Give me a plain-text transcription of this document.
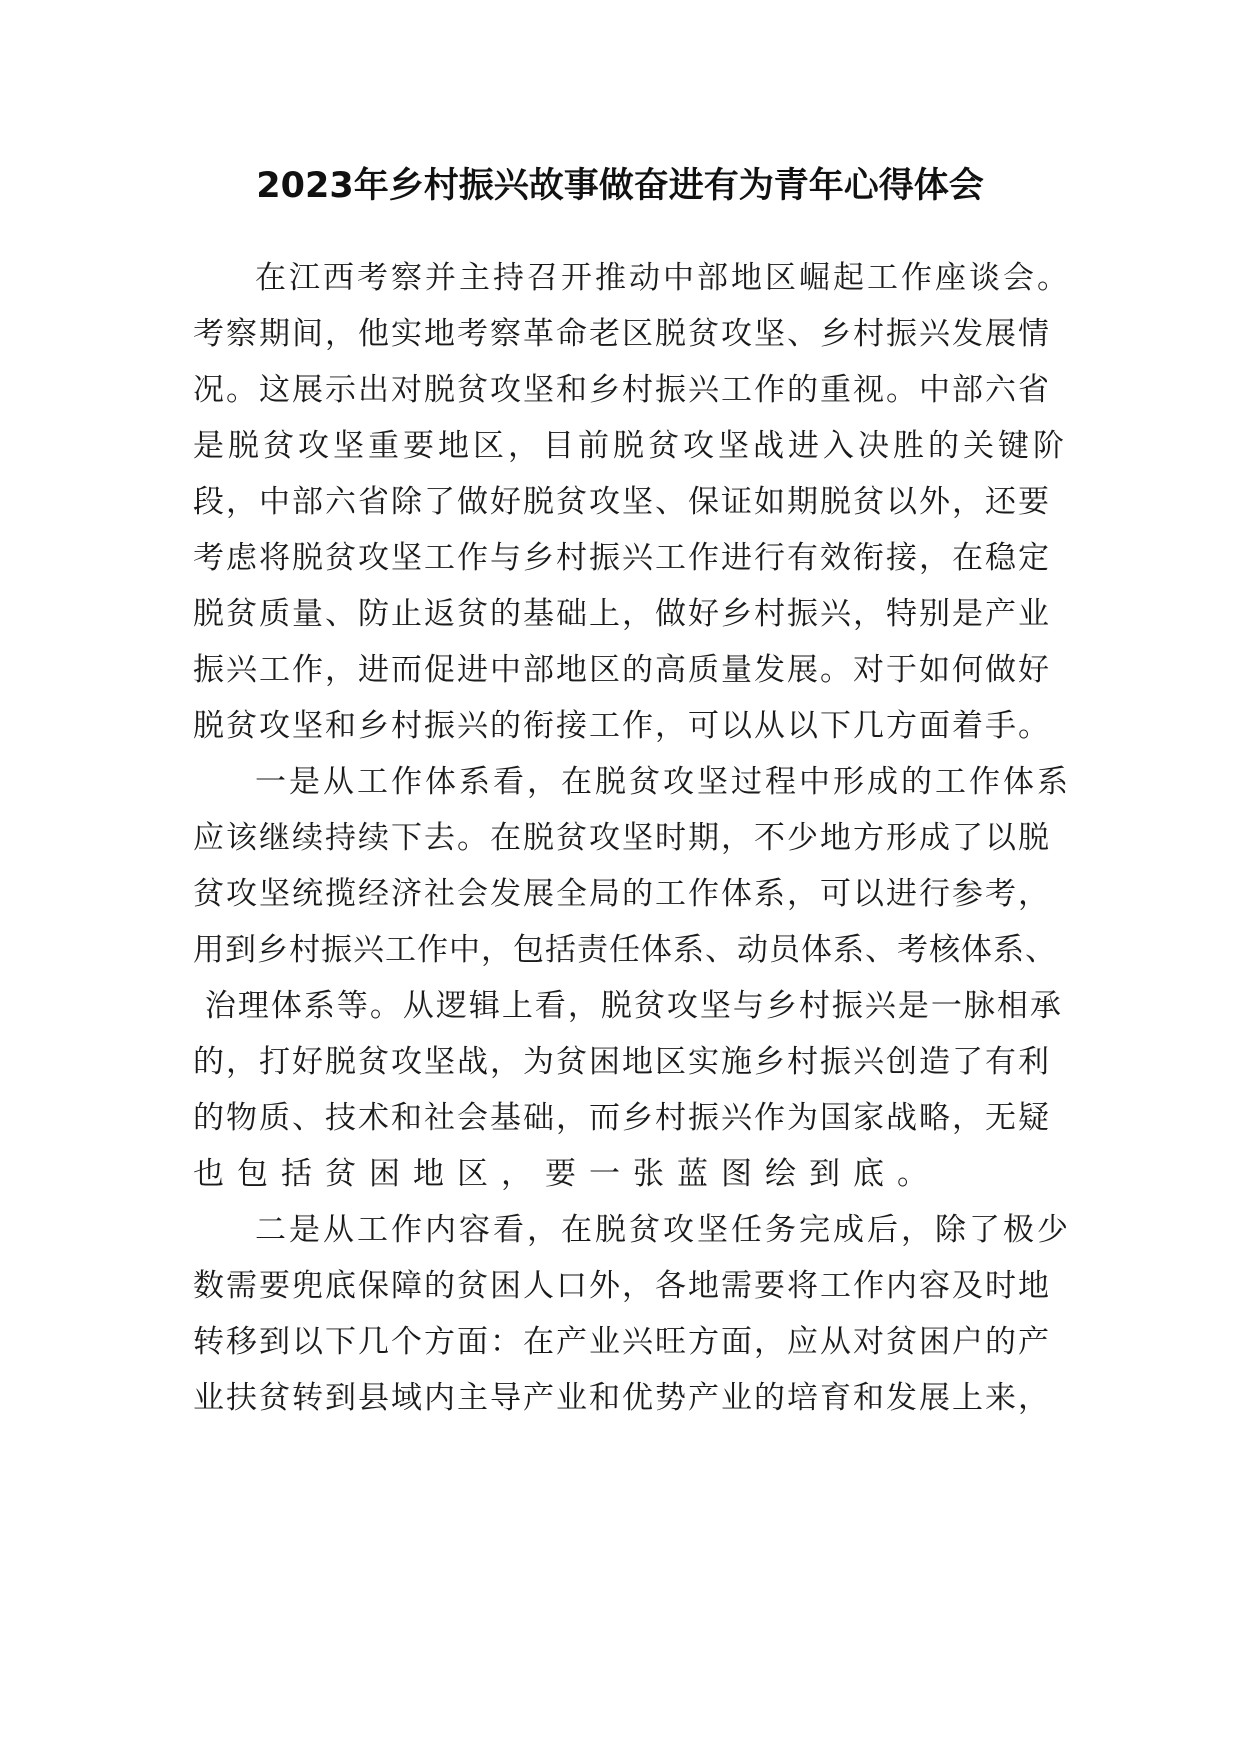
2023年乡村振兴故事做奋进有为青年心得体会
在江西考察并主持召开推动中部地区崛起工作座谈会。
考察期间，他实地考察革命老区脱贫攻坚、乡村振兴发展情
况。这展示出对脱贫攻坚和乡村振兴工作的重视。中部六省
是脱贫攻坚重要地区，目前脱贫攻坚战进入决胜的关键阶
段，中部六省除了做好脱贫攻坚、保证如期脱贫以外，还要
考虑将脱贫攻坚工作与乡村振兴工作进行有效衔接，在稳定
脱贫质量、防止返贫的基础上，做好乡村振兴，特别是产业
振兴工作，进而促进中部地区的高质量发展。对于如何做好
脱贫攻坚和乡村振兴的衔接工作，可以从以下几方面着手。
一是从工作体系看，在脱贫攻坚过程中形成的工作体系
应该继续持续下去。在脱贫攻坚时期，不少地方形成了以脱
贫攻坚统揽经济社会发展全局的工作体系，可以进行参考，
用到乡村振兴工作中，包括责任体系、动员体系、考核体系、
治理体系等。从逻辑上看，脱贫攻坚与乡村振兴是一脉相承
的，打好脱贫攻坚战，为贫困地区实施乡村振兴创造了有利
的物质、技术和社会基础，而乡村振兴作为国家战略，无疑
也包括贫困地区，要一张蓝图绘到底。
二是从工作内容看，在脱贫攻坚任务完成后，除了极少
数需要兜底保障的贫困人口外，各地需要将工作内容及时地
转移到以下几个方面：在产业兴旺方面，应从对贫困户的产
业扶贫转到县域内主导产业和优势产业的培育和发展上来，
